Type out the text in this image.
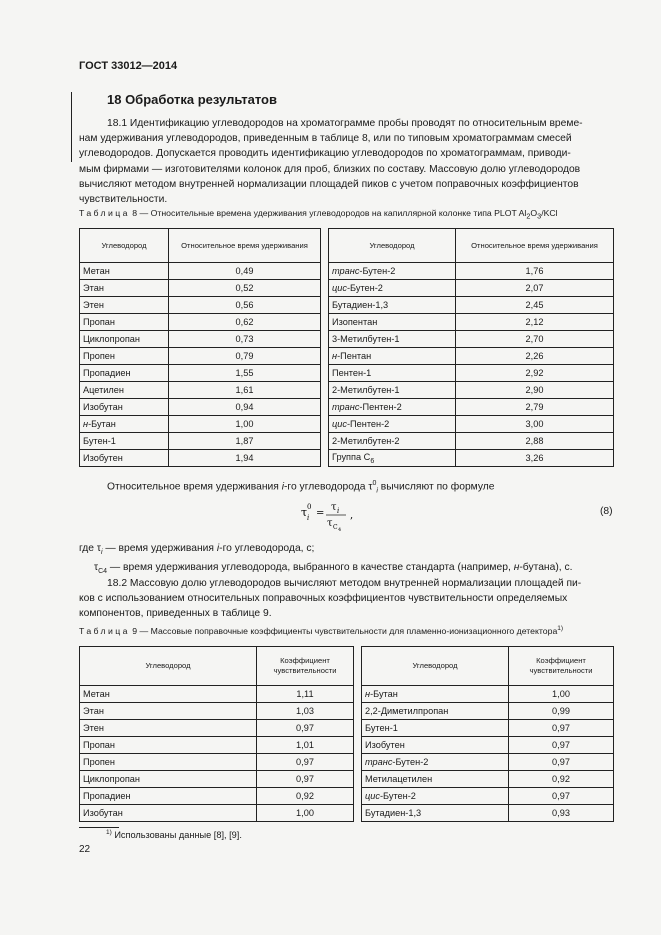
ГОСТ 33012—2014
18 Обработка результатов
18.1 Идентификацию углеводородов на хроматограмме пробы проводят по относительным време-
нам удерживания углеводородов, приведенным в таблице 8, или по типовым хроматограммам смесей
углеводородов. Допускается проводить идентификацию углеводородов по хроматограммам, приводи-
мым фирмами — изготовителями колонок для проб, близких по составу. Массовую долю углеводородов
вычисляют методом внутренней нормализации площадей пиков с учетом поправочных коэффициентов
чувствительности.
Таблица 8 — Относительные времена удерживания углеводородов на капиллярной колонке типа PLOT $Al_2O_3$/KCl
Углеводород	Относительное время удерживания		Углеводород	Относительное время удерживания
Метан	0,49		транс-Бутен-2	1,76
Этан	0,52		цис-Бутен-2	2,07
Этен	0,56		Бутадиен-1,3	2,45
Пропан	0,62		Изопентан	2,12
Циклопропан	0,73		3-Метилбутен-1	2,70
Пропен	0,79		н-Пентан	2,26
Пропадиен	1,55		Пентен-1	2,92
Ацетилен	1,61		2-Метилбутен-1	2,90
Изобутан	0,94		транс-Пентен-2	2,79
н-Бутан	1,00		цис-Пентен-2	3,00
Бутен-1	1,87		2-Метилбутен-2	2,88
Изобутен	1,94		Группа $C_6$	3,26
Относительное время удерживания i-го углеводорода $\tau^0_i$ вычисляют по формуле
τ 0
i =
τ i
τ C 4
,	(8)
где $\tau_i$ — время удерживания i-го углеводорода, с;
$\tau_{C4}$ — время удерживания углеводорода, выбранного в качестве стандарта (например, н-бутана), с.
18.2 Массовую долю углеводородов вычисляют методом внутренней нормализации площадей пи-
ков с использованием относительных поправочных коэффициентов чувствительности определяемых
компонентов, приведенных в таблице 9.
Таблица 9 — Массовые поправочные коэффициенты чувствительности для пламенно-ионизационного детектора$^{1)}$
Углеводород	Коэффициент чувствительности		Углеводород	Коэффициент чувствительности
Метан	1,11		н-Бутан	1,00
Этан	1,03		2,2-Диметилпропан	0,99
Этен	0,97		Бутен-1	0,97
Пропан	1,01		Изобутен	0,97
Пропен	0,97		транс-Бутен-2	0,97
Циклопропан	0,97		Метилацетилен	0,92
Пропадиен	0,92		цис-Бутен-2	0,97
Изобутан	1,00		Бутадиен-1,3	0,93
$^{1)}$ Использованы данные [8], [9].
22
